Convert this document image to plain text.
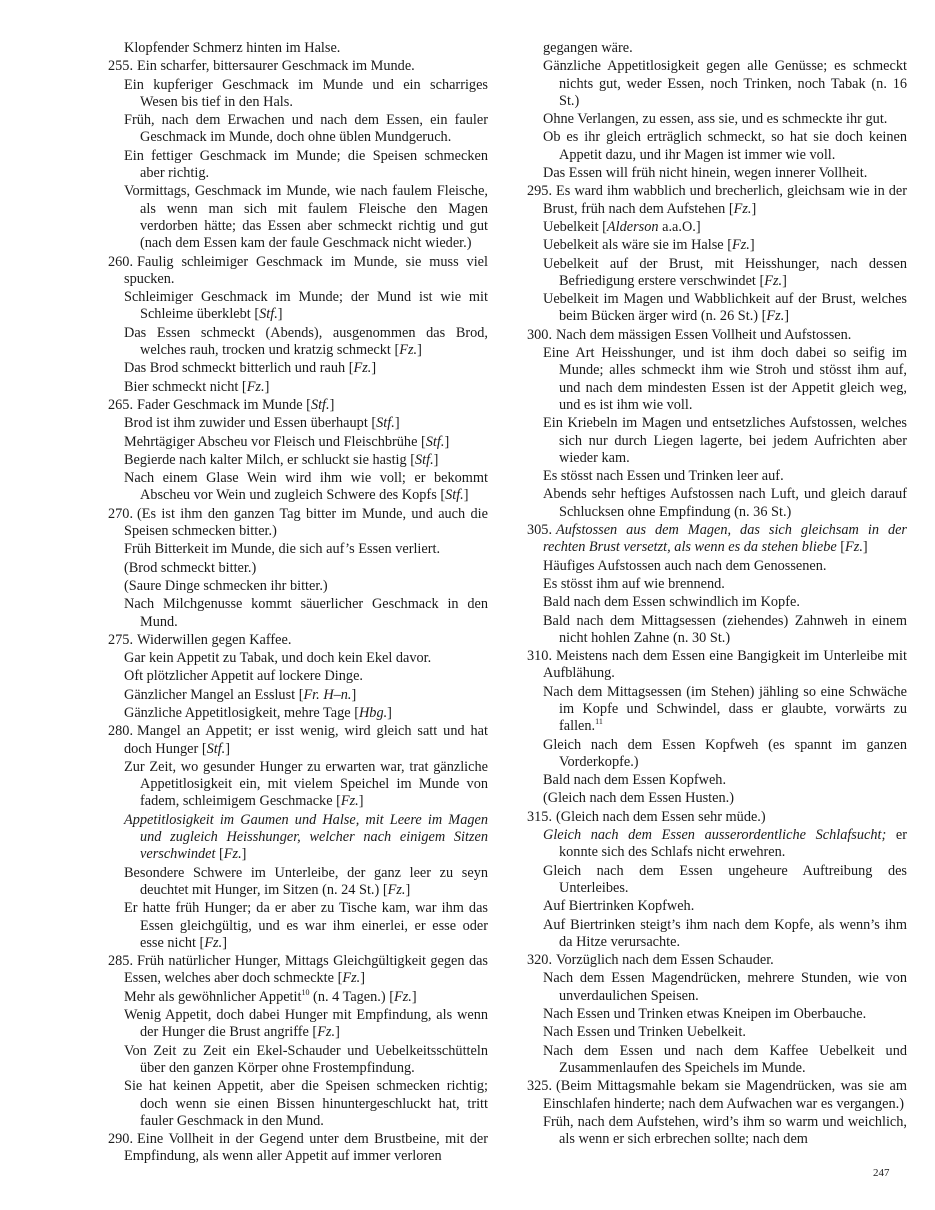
Klopfender Schmerz hinten im Halse.

255. Ein scharfer, bittersaurer Geschmack im Munde.

Ein kupferiger Geschmack im Munde und ein scharriges Wesen bis tief in den Hals.

Früh, nach dem Erwachen und nach dem Essen, ein fauler Geschmack im Munde, doch ohne üblen Mundgeruch.

Ein fettiger Geschmack im Munde; die Speisen schmecken aber richtig.

Vormittags, Geschmack im Munde, wie nach faulem Fleische, als wenn man sich mit faulem Fleische den Magen verdorben hätte; das Essen aber schmeckt richtig und gut (nach dem Essen kam der faule Geschmack nicht wieder.)

260. Faulig schleimiger Geschmack im Munde, sie muss viel spucken.

Schleimiger Geschmack im Munde; der Mund ist wie mit Schleime überklebt [Stf.]

Das Essen schmeckt (Abends), ausgenommen das Brod, welches rauh, trocken und kratzig schmeckt [Fz.]

Das Brod schmeckt bitterlich und rauh [Fz.]

Bier schmeckt nicht [Fz.]

265. Fader Geschmack im Munde [Stf.]

Brod ist ihm zuwider und Essen überhaupt [Stf.]

Mehrtägiger Abscheu vor Fleisch und Fleischbrühe [Stf.]

Begierde nach kalter Milch, er schluckt sie hastig [Stf.]

Nach einem Glase Wein wird ihm wie voll; er bekommt Abscheu vor Wein und zugleich Schwere des Kopfs [Stf.]

270. (Es ist ihm den ganzen Tag bitter im Munde, und auch die Speisen schmecken bitter.)

Früh Bitterkeit im Munde, die sich auf’s Essen verliert.

(Brod schmeckt bitter.)

(Saure Dinge schmecken ihr bitter.)

Nach Milchgenusse kommt säuerlicher Geschmack in den Mund.

275. Widerwillen gegen Kaffee.

Gar kein Appetit zu Tabak, und doch kein Ekel davor.

Oft plötzlicher Appetit auf lockere Dinge.

Gänzlicher Mangel an Esslust [Fr. H–n.]

Gänzliche Appetitlosigkeit, mehre Tage [Hbg.]

280. Mangel an Appetit; er isst wenig, wird gleich satt und hat doch Hunger [Stf.]

Zur Zeit, wo gesunder Hunger zu erwarten war, trat gänzliche Appetitlosigkeit ein, mit vielem Speichel im Munde von fadem, schleimigem Geschmacke [Fz.]

Appetitlosigkeit im Gaumen und Halse, mit Leere im Magen und zugleich Heisshunger, welcher nach einigem Sitzen verschwindet [Fz.]

Besondere Schwere im Unterleibe, der ganz leer zu seyn deuchtet mit Hunger, im Sitzen (n. 24 St.) [Fz.]

Er hatte früh Hunger; da er aber zu Tische kam, war ihm das Essen gleichgültig, und es war ihm einerlei, er esse oder esse nicht [Fz.]

285. Früh natürlicher Hunger, Mittags Gleichgültigkeit gegen das Essen, welches aber doch schmeckte [Fz.]

Mehr als gewöhnlicher Appetit$^{10}$ (n. 4 Tagen.) [Fz.]

Wenig Appetit, doch dabei Hunger mit Empfindung, als wenn der Hunger die Brust angriffe [Fz.]

Von Zeit zu Zeit ein Ekel-Schauder und Uebelkeitsschütteln über den ganzen Körper ohne Frostempfindung.

Sie hat keinen Appetit, aber die Speisen schmecken richtig; doch wenn sie einen Bissen hinuntergeschluckt hat, tritt fauler Geschmack in den Mund.

290. Eine Vollheit in der Gegend unter dem Brustbeine, mit der Empfindung, als wenn aller Appetit auf immer verloren

gegangen wäre.

Gänzliche Appetitlosigkeit gegen alle Genüsse; es schmeckt nichts gut, weder Essen, noch Trinken, noch Tabak (n. 16 St.)

Ohne Verlangen, zu essen, ass sie, und es schmeckte ihr gut.

Ob es ihr gleich erträglich schmeckt, so hat sie doch keinen Appetit dazu, und ihr Magen ist immer wie voll.

Das Essen will früh nicht hinein, wegen innerer Vollheit.

295. Es ward ihm wabblich und brecherlich, gleichsam wie in der Brust, früh nach dem Aufstehen [Fz.]

Uebelkeit [Alderson a.a.O.]

Uebelkeit als wäre sie im Halse [Fz.]

Uebelkeit auf der Brust, mit Heisshunger, nach dessen Befriedigung erstere verschwindet [Fz.]

Uebelkeit im Magen und Wabblichkeit auf der Brust, welches beim Bücken ärger wird (n. 26 St.) [Fz.]

300. Nach dem mässigen Essen Vollheit und Aufstossen.

Eine Art Heisshunger, und ist ihm doch dabei so seifig im Munde; alles schmeckt ihm wie Stroh und stösst ihm auf, und nach dem mindesten Essen ist der Appetit gleich weg, und es ist ihm wie voll.

Ein Kriebeln im Magen und entsetzliches Aufstossen, welches sich nur durch Liegen lagerte, bei jedem Aufrichten aber wieder kam.

Es stösst nach Essen und Trinken leer auf.

Abends sehr heftiges Aufstossen nach Luft, und gleich darauf Schlucksen ohne Empfindung (n. 36 St.)

305. Aufstossen aus dem Magen, das sich gleichsam in der rechten Brust versetzt, als wenn es da stehen bliebe [Fz.]

Häufiges Aufstossen auch nach dem Genossenen.

Es stösst ihm auf wie brennend.

Bald nach dem Essen schwindlich im Kopfe.

Bald nach dem Mittagsessen (ziehendes) Zahnweh in einem nicht hohlen Zahne (n. 30 St.)

310. Meistens nach dem Essen eine Bangigkeit im Unterleibe mit Aufblähung.

Nach dem Mittagsessen (im Stehen) jähling so eine Schwäche im Kopfe und Schwindel, dass er glaubte, vorwärts zu fallen.$^{11}$

Gleich nach dem Essen Kopfweh (es spannt im ganzen Vorderkopfe.)

Bald nach dem Essen Kopfweh.

(Gleich nach dem Essen Husten.)

315. (Gleich nach dem Essen sehr müde.)

Gleich nach dem Essen ausserordentliche Schlafsucht; er konnte sich des Schlafs nicht erwehren.

Gleich nach dem Essen ungeheure Auftreibung des Unterleibes.

Auf Biertrinken Kopfweh.

Auf Biertrinken steigt’s ihm nach dem Kopfe, als wenn’s ihm da Hitze verursachte.

320. Vorzüglich nach dem Essen Schauder.

Nach dem Essen Magendrücken, mehrere Stunden, wie von unverdaulichen Speisen.

Nach Essen und Trinken etwas Kneipen im Oberbauche.

Nach Essen und Trinken Uebelkeit.

Nach dem Essen und nach dem Kaffee Uebelkeit und Zusammenlaufen des Speichels im Munde.

325. (Beim Mittagsmahle bekam sie Magendrücken, was sie am Einschlafen hinderte; nach dem Aufwachen war es vergangen.)

Früh, nach dem Aufstehen, wird’s ihm so warm und weichlich, als wenn er sich erbrechen sollte; nach dem

247
